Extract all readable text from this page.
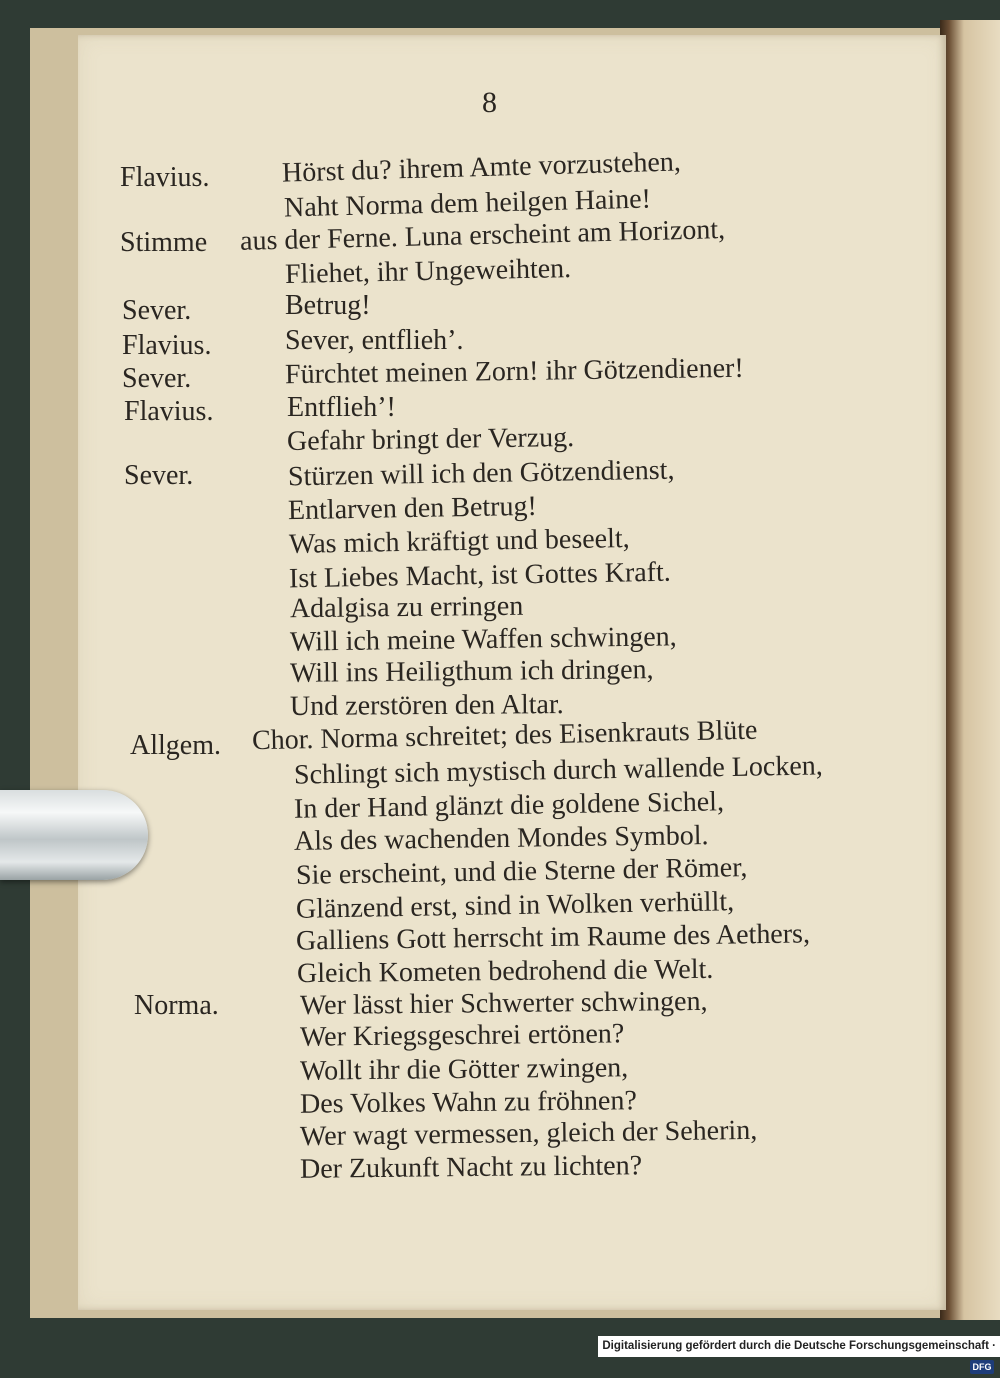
8
Flavius.
Stimme
Sever.
Flavius.
Sever.
Flavius.
Sever.
Allgem.
Norma.
Hörst du? ihrem Amte vorzustehen,
Naht Norma dem heilgen Haine!
aus der Ferne. Luna erscheint am Horizont,
Fliehet, ihr Ungeweihten.
Betrug!
Sever, entflieh’.
Fürchtet meinen Zorn! ihr Götzendiener!
Entflieh’!
Gefahr bringt der Verzug.
Stürzen will ich den Götzendienst,
Entlarven den Betrug!
Was mich kräftigt und beseelt,
Ist Liebes Macht, ist Gottes Kraft.
Adalgisa zu erringen
Will ich meine Waffen schwingen,
Will ins Heiligthum ich dringen,
Und zerstören den Altar.
Chor. Norma schreitet; des Eisenkrauts Blüte
Schlingt sich mystisch durch wallende Locken,
In der Hand glänzt die goldene Sichel,
Als des wachenden Mondes Symbol.
Sie erscheint, und die Sterne der Römer,
Glänzend erst, sind in Wolken verhüllt,
Galliens Gott herrscht im Raume des Aethers,
Gleich Kometen bedrohend die Welt.
Wer lässt hier Schwerter schwingen,
Wer Kriegsgeschrei ertönen?
Wollt ihr die Götter zwingen,
Des Volkes Wahn zu fröhnen?
Wer wagt vermessen, gleich der Seherin,
Der Zukunft Nacht zu lichten?
Digitalisierung gefördert durch die Deutsche Forschungsgemeinschaft ·DFG
